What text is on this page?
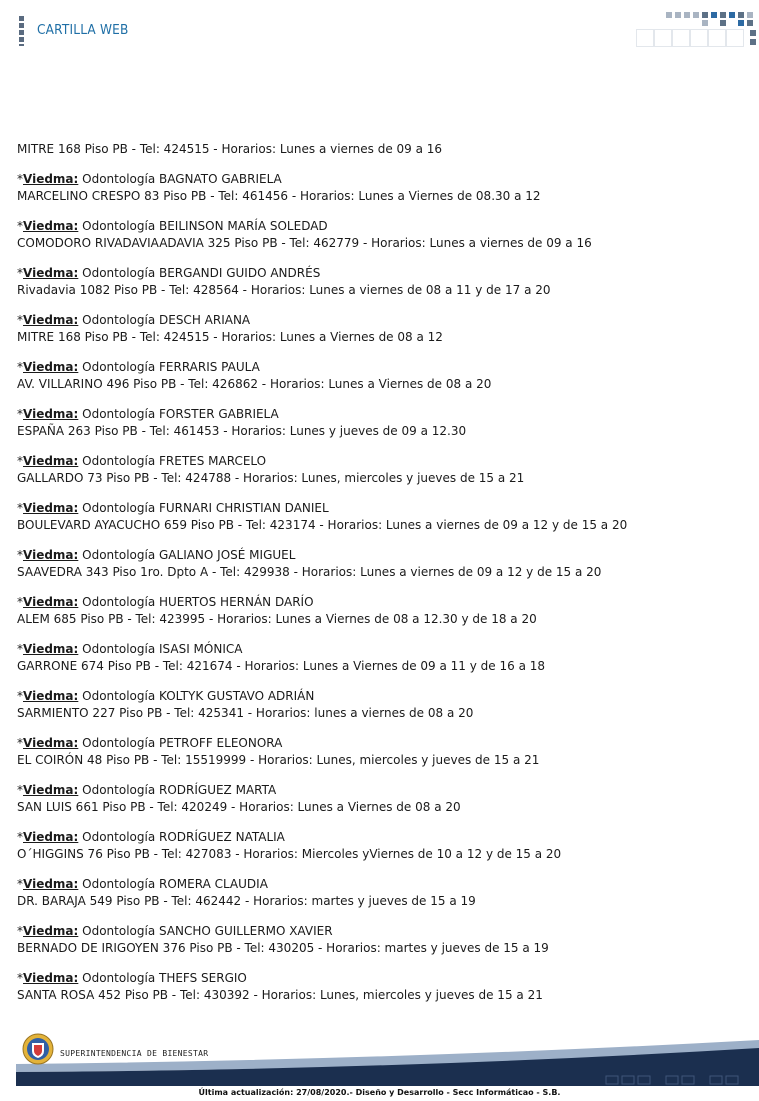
CARTILLA WEB

MITRE 168 Piso PB - Tel: 424515 - Horarios: Lunes a viernes de 09 a 16

*Viedma: Odontología BAGNATO GABRIELA

MARCELINO CRESPO 83 Piso PB - Tel: 461456 - Horarios: Lunes a Viernes de 08.30 a 12

*Viedma: Odontología BEILINSON MARÍA SOLEDAD

COMODORO RIVADAVIAADAVIA 325 Piso PB - Tel: 462779 - Horarios: Lunes a viernes de 09 a 16

*Viedma: Odontología BERGANDI GUIDO ANDRÉS

Rivadavia 1082 Piso PB - Tel: 428564 - Horarios: Lunes a viernes de 08 a 11 y de 17 a 20

*Viedma: Odontología DESCH ARIANA

MITRE 168 Piso PB - Tel: 424515 - Horarios: Lunes a Viernes de 08 a 12

*Viedma: Odontología FERRARIS PAULA

AV. VILLARINO 496 Piso PB - Tel: 426862 - Horarios: Lunes a Viernes de 08 a 20

*Viedma: Odontología FORSTER GABRIELA

ESPAÑA 263 Piso PB - Tel: 461453 - Horarios: Lunes y jueves de 09 a 12.30

*Viedma: Odontología FRETES MARCELO

GALLARDO 73 Piso PB - Tel: 424788 - Horarios: Lunes, miercoles y jueves de 15 a 21

*Viedma: Odontología FURNARI CHRISTIAN DANIEL

BOULEVARD AYACUCHO 659 Piso PB - Tel: 423174 - Horarios: Lunes a viernes de 09 a 12 y de 15 a 20

*Viedma: Odontología GALIANO JOSÉ MIGUEL

SAAVEDRA 343 Piso 1ro. Dpto A - Tel: 429938 - Horarios: Lunes a viernes de 09 a 12 y de 15 a 20

*Viedma: Odontología HUERTOS HERNÁN DARÍO

ALEM 685 Piso PB - Tel: 423995 - Horarios: Lunes a Viernes de 08 a 12.30 y de 18 a 20

*Viedma: Odontología ISASI MÓNICA

GARRONE 674 Piso PB - Tel: 421674 - Horarios: Lunes a Viernes de 09 a 11 y de 16 a 18

*Viedma: Odontología KOLTYK GUSTAVO ADRIÁN

SARMIENTO 227 Piso PB - Tel: 425341 - Horarios: lunes a viernes de 08 a 20

*Viedma: Odontología PETROFF ELEONORA

EL COIRÓN 48 Piso PB - Tel: 15519999 - Horarios: Lunes, miercoles y jueves de 15 a 21

*Viedma: Odontología RODRÍGUEZ MARTA

SAN LUIS 661 Piso PB - Tel: 420249 - Horarios: Lunes a Viernes de 08 a 20

*Viedma: Odontología RODRÍGUEZ NATALIA

O´HIGGINS 76 Piso PB - Tel: 427083 - Horarios: Miercoles yViernes de 10 a 12 y de 15 a 20

*Viedma: Odontología ROMERA CLAUDIA

DR. BARAJA 549 Piso PB - Tel: 462442 - Horarios: martes y jueves de 15 a 19

*Viedma: Odontología SANCHO GUILLERMO XAVIER

BERNADO DE IRIGOYEN 376 Piso PB - Tel: 430205 - Horarios: martes y jueves de 15 a 19

*Viedma: Odontología THEFS SERGIO

SANTA ROSA 452 Piso PB - Tel: 430392 - Horarios: Lunes, miercoles y jueves de 15 a 21

SUPERINTENDENCIA DE BIENESTAR
Última actualización: 27/08/2020.- Diseño y Desarrollo - Secc Informáticao - S.B.
